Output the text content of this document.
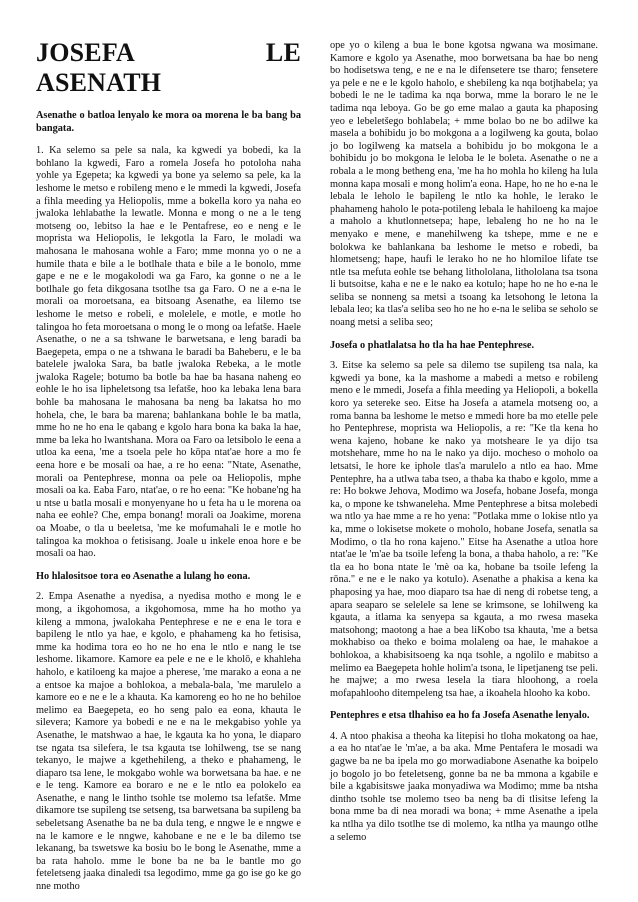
JOSEFA LE ASENATH

Asenathe o batloa lenyalo ke mora oa morena le ba bang ba bangata.

1. Ka selemo sa pele sa nala, ka kgwedi ya bobedi, ka la bohlano la kgwedi, Faro a romela Josefa ho potoloha naha yohle ya Egepeta; ka kgwedi ya bone ya selemo sa pele, ka la leshome le metso e robileng meno e le mmedi la kgwedi, Josefa a fihla meeding ya Heliopolis, mme a bokella koro ya naha eo jwaloka lehlabathe la lewatle. Monna e mong o ne a le teng motseng oo, lebitso la hae e le Pentafrese, eo e neng e le moprista wa Heliopolis, le lekgotla la Faro, le moladi wa mahosana le mahosana wohle a Faro; mme monna yo o ne a humile thata e bile a le botlhale thata e bile a le bonolo, mme gape e ne e le mogakolodi wa ga Faro, ka gonne o ne a le botlhale go feta dikgosana tsotlhe tsa ga Faro. O ne a e-na le morali oa moroetsana, ea bitsoang Asenathe, ea lilemo tse leshome le metso e robeli, e molelele, e motle, e motle ho talingoa ho feta moroetsana o mong le o mong oa lefatše. Haele Asenathe, o ne a sa tshwane le barwetsana, e leng baradi ba Baegepeta, empa o ne a tshwana le baradi ba Baheberu, e le ba batelele jwaloka Sara, ba batle jwaloka Rebeka, a le motle jwaloka Ragele; botumo ba botle ba hae ba hasana naheng eo eohle le ho isa lipheletsong tsa lefatše, hoo ka lebaka lena bara bohle ba mahosana le mahosana ba neng ba lakatsa ho mo hohela, che, le bara ba marena; bahlankana bohle le ba matla, mme ho ne ho ena le qabang e kgolo hara bona ka baka la hae, mme ba leka ho lwantshana. Mora oa Faro oa letsibolo le eena a utloa ka eena, 'me a tsoela pele ho kōpa ntat'ae hore a mo fe eena hore e be mosali oa hae, a re ho eena: "Ntate, Asenathe, morali oa Pentephrese, monna oa pele oa Heliopolis, mphe mosali oa ka. Eaba Faro, ntat'ae, o re ho eena: "Ke hobane'ng ha u ntse u batla mosali e monyenyane ho u feta ha u le morena oa naha ee eohle? Che, empa bonang! morali oa Joakime, morena oa Moabe, o tla u beeletsa, 'me ke mofumahali le e motle ho talingoa ka mokhoa o fetisisang. Joale u inkele enoa hore e be mosali oa hao.

Ho hlalositsoe tora eo Asenathe a lulang ho eona.

2. Empa Asenathe a nyedisa, a nyedisa motho e mong le e mong, a ikgohomosa, a ikgohomosa, mme ha ho motho ya kileng a mmona, jwalokaha Pentephrese e ne e ena le tora e bapileng le ntlo ya hae, e kgolo, e phahameng ka ho fetisisa, mme ka hodima tora eo ho ne ho ena le ntlo e nang le tse leshome. likamore. Kamore ea pele e ne e le kholō, e khahleha haholo, e katiloeng ka majoe a pherese, 'me marako a eona a ne a entsoe ka majoe a bohlokoa, a mebala-bala, 'me marulelo a kamore eo e ne e le a khauta. Ka kamoreng eo ho ne ho behiloe melimo ea Baegepeta, eo ho seng palo ea eona, khauta le silevera; Kamore ya bobedi e ne e na le mekgabiso yohle ya Asenathe, le matshwao a hae, le kgauta ka ho yona, le diaparo tse ngata tsa silefera, le tsa kgauta tse lohilweng, tse se nang tekanyo, le majwe a kgethehileng, a theko e phahameng, le diaparo tsa lene, le mokgabo wohle wa borwetsana ba hae. e ne e le teng. Kamore ea boraro e ne e le ntlo ea polokelo ea Asenathe, e nang le lintho tsohle tse molemo tsa lefatše. Mme dikamore tse supileng tse setseng, tsa barwetsana ba supileng ba sebeletsang Asenathe ba ne ba dula teng, e nngwe le e nngwe e na le kamore e le nngwe, kahobane e ne e le ba dilemo tse lekanang, ba tswetswe ka bosiu bo le bong le Asenathe, mme a ba rata haholo. mme le bone ba ne ba le bantle mo go feteletseng jaaka dinaledi tsa legodimo, mme ga go ise go ke go nne motho

ope yo o kileng a bua le bone kgotsa ngwana wa mosimane. Kamore e kgolo ya Asenathe, moo borwetsana ba hae bo neng bo hodisetswa teng, e ne e na le difensetere tse tharo; fensetere ya pele e ne e le kgolo haholo, e shebileng ka nqa botjhabela; ya bobedi le ne le tadima ka nqa borwa, mme la boraro le ne le tadima nqa leboya. Go be go eme malao a gauta ka phaposing yeo e lebeletšego bohlabela; + mme bolao bo ne bo adilwe ka masela a bohibidu jo bo mokgona a a logilweng ka gouta, bolao jo bo logilweng ka matsela a bohibidu jo bo mokgona le a bohibidu jo bo mokgona le leloba le le boleta. Asenathe o ne a robala a le mong betheng ena, 'me ha ho mohla ho kileng ha lula monna kapa mosali e mong holim'a eona. Hape, ho ne ho e-na le lebala le leholo le bapileng le ntlo ka hohle, le lerako le phahameng haholo le pota-potileng lebala le hahiloeng ka majoe a maholo a khutlonnetsepa; hape, lebaleng ho ne ho na le menyako e mene, e manehilweng ka tshepe, mme e ne e bolokwa ke bahlankana ba leshome le metso e robedi, ba hlometseng; hape, haufi le lerako ho ne ho hlomiloe lifate tse ntle tsa mefuta eohle tse behang lithololana, lithololana tsa tsona li butsoitse, kaha e ne e le nako ea kotulo; hape ho ne ho e-na le seliba se nonneng sa metsi a tsoang ka letsohong le letona la lebala leo; ka tlas'a seliba seo ho ne ho e-na le seliba se seholo se noang metsi a seliba seo;

Josefa o phatlalatsa ho tla ha hae Pentephrese.

3. Eitse ka selemo sa pele sa dilemo tse supileng tsa nala, ka kgwedi ya bone, ka la mashome a mabedi a metso e robileng meno e le mmedi, Josefa a fihla meeding ya Heliopoli, a bokella koro ya setereke seo. Eitse ha Josefa a atamela motseng oo, a roma banna ba leshome le metso e mmedi hore ba mo etelle pele ho Pentephrese, moprista wa Heliopolis, a re: "Ke tla kena ho wena kajeno, hobane ke nako ya motsheare le ya dijo tsa motshehare, mme ho na le nako ya dijo. mocheso o moholo oa letsatsi, le hore ke iphole tlas'a marulelo a ntlo ea hao. Mme Pentephre, ha a utlwa taba tseo, a thaba ka thabo e kgolo, mme a re: Ho bokwe Jehova, Modimo wa Josefa, hobane Josefa, monga ka, o mpone ke tshwaneleha. Mme Pentephrese a bitsa molebedi wa ntlo ya hae mme a re ho yena: "Potlaka mme o lokise ntlo ya ka, mme o lokisetse mokete o moholo, hobane Josefa, senatla sa Modimo, o tla ho rona kajeno." Eitse ha Asenathe a utloa hore ntat'ae le 'm'ae ba tsoile lefeng la bona, a thaba haholo, a re: "Ke tla ea ho bona ntate le 'mè oa ka, hobane ba tsoile lefeng la rōna." e ne e le nako ya kotulo). Asenathe a phakisa a kena ka phaposing ya hae, moo diaparo tsa hae di neng di robetse teng, a apara seaparo se selelele sa lene se krimsone, se lohilweng ka kgauta, a itlama ka senyepa sa kgauta, a mo rwesa maseka matsohong; maotong a hae a bea liKobo tsa khauta, 'me a betsa mokhabiso oa theko e boima molaleng oa hae, le mahakoe a bohlokoa, a khabisitsoeng ka nqa tsohle, a ngolilo e mabitso a melimo ea Baegepeta hohle holim'a tsona, le lipetjaneng tse peli. he majwe; a mo rwesa lesela la tiara hloohong, a roela mofapahlooho ditempeleng tsa hae, a ikoahela hlooho ka kobo.

Pentephres e etsa tlhahiso ea ho fa Josefa Asenathe lenyalo.

4. A ntoo phakisa a theoha ka litepisi ho tloha mokatong oa hae, a ea ho ntat'ae le 'm'ae, a ba aka. Mme Pentafera le mosadi wa gagwe ba ne ba ipela mo go morwadiabone Asenathe ka boipelo jo bogolo jo bo feteletseng, gonne ba ne ba mmona a kgabile e bile a kgabisitswe jaaka monyadiwa wa Modimo; mme ba ntsha dintho tsohle tse molemo tseo ba neng ba di tlisitse lefeng la bona mme ba di nea moradi wa bona; + mme Asenathe a ipela ka ntlha ya dilo tsotlhe tse di molemo, ka ntlha ya maungo otlhe a selemo
